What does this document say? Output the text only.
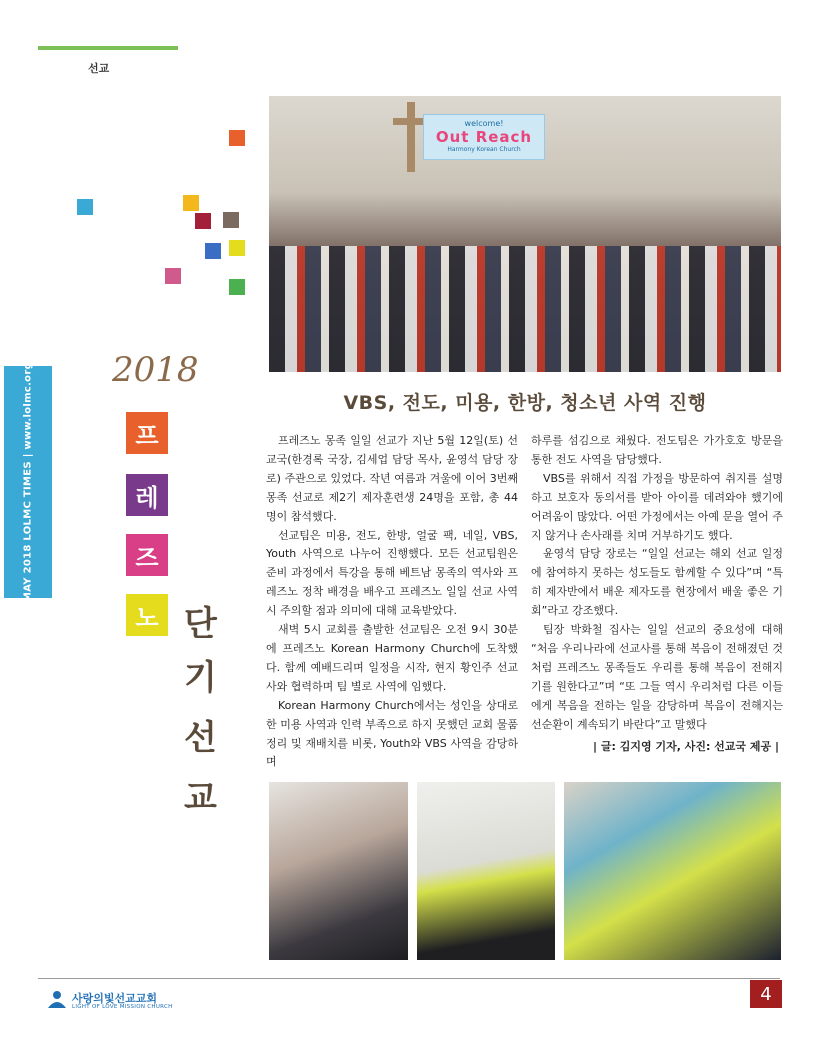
선교
MAY 2018 LOLMC TIMES | www.lolmc.org 2018
프
레
즈
노 단
기
선
교
welcome!
Out Reach
Harmony Korean Church
VBS, 전도, 미용, 한방, 청소년 사역 진행

프레즈노 몽족 일일 선교가 지난 5월 12일(토) 선교국(한경록 국장, 김세업 담당 목사, 윤영석 담당 장로) 주관으로 있었다. 작년 여름과 겨울에 이어 3번째 몽족 선교로 제2기 제자훈련생 24명을 포함, 총 44명이 참석했다.

선교팀은 미용, 전도, 한방, 얼굴 팩, 네일, VBS, Youth 사역으로 나누어 진행했다. 모든 선교팀원은 준비 과정에서 특강을 통해 베트남 몽족의 역사와 프레즈노 정착 배경을 배우고 프레즈노 일일 선교 사역 시 주의할 점과 의미에 대해 교육받았다.

새벽 5시 교회를 출발한 선교팀은 오전 9시 30분에 프레즈노 Korean Harmony Church에 도착했다. 함께 예배드리며 일정을 시작, 현지 황인주 선교사와 협력하며 팀 별로 사역에 임했다.

Korean Harmony Church에서는 성인을 상대로 한 미용 사역과 인력 부족으로 하지 못했던 교회 물품 정리 및 재배치를 비롯, Youth와 VBS 사역을 감당하며

하루를 섬김으로 채웠다. 전도팀은 가가호호 방문을 통한 전도 사역을 담당했다.

VBS를 위해서 직접 가정을 방문하여 취지를 설명하고 보호자 동의서를 받아 아이를 데려와야 했기에 어려움이 많았다. 어떤 가정에서는 아예 문을 열어 주지 않거나 손사래를 치며 거부하기도 했다.

윤영석 담당 장로는 “일일 선교는 해외 선교 일정에 참여하지 못하는 성도들도 함께할 수 있다”며 “특히 제자반에서 배운 제자도를 현장에서 배울 좋은 기회”라고 강조했다.

팀장 박화철 집사는 일일 선교의 중요성에 대해 “처음 우리나라에 선교사를 통해 복음이 전해졌던 것처럼 프레즈노 몽족들도 우리를 통해 복음이 전해지기를 원한다고”며 “또 그들 역시 우리처럼 다른 이들에게 복음을 전하는 일을 감당하며 복음이 전해지는 선순환이 계속되기 바란다”고 말했다

| 글: 김지영 기자, 사진: 선교국 제공 |
사랑의빛선교교회
LIGHT OF LOVE MISSION CHURCH
4
